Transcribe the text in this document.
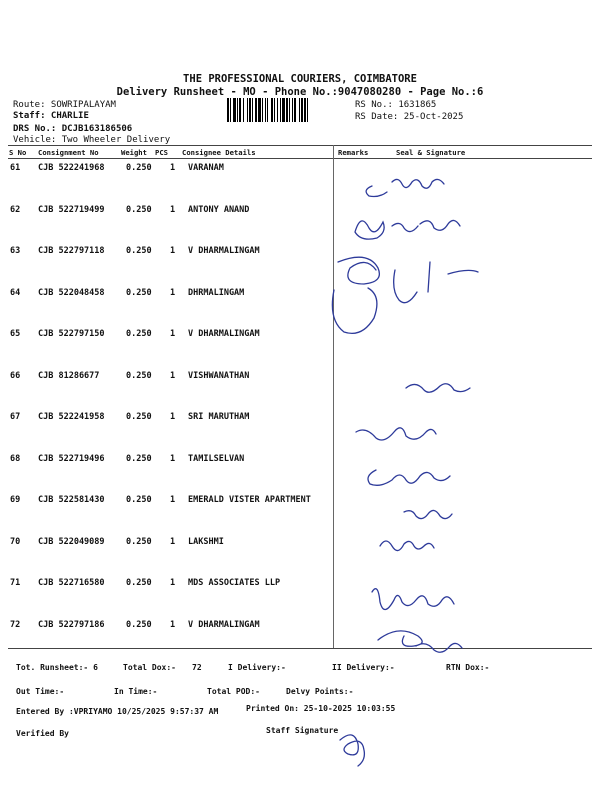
THE PROFESSIONAL COURIERS, COIMBATORE
Delivery Runsheet - MO - Phone No.:9047080280 - Page No.:6
Route: SOWRIPALAYAM
Staff: CHARLIE
DRS No.: DCJB163186506
Vehicle: Two Wheeler Delivery
RS No.: 1631865
RS Date: 25-Oct-2025
S No Consignment No	Weight PCS Consignee Details	Remarks	Seal & Signature
61 CJB 522241968	0.250 1 VARANAM
62 CJB 522719499	0.250 1 ANTONY ANAND
63 CJB 522797118	0.250 1 V DHARMALINGAM
64 CJB 522048458	0.250 1 DHRMALINGAM
65 CJB 522797150	0.250 1 V DHARMALINGAM
66 CJB 81286677	0.250 1 VISHWANATHAN
67 CJB 522241958	0.250 1 SRI MARUTHAM
68 CJB 522719496	0.250 1 TAMILSELVAN
69 CJB 522581430	0.250 1 EMERALD VISTER APARTMENT
70 CJB 522049089	0.250 1 LAKSHMI
71 CJB 522716580	0.250 1 MDS ASSOCIATES LLP
72 CJB 522797186	0.250 1 V DHARMALINGAM
Tot. Runsheet:- 6	Total Dox:- 72	I Delivery:-	II Delivery:-	RTN Dox:-
Out Time:-	In Time:-	Total POD:-	Delvy Points:-
Entered By :VPRIYAMO 10/25/2025 9:57:37 AM	Printed On: 25-10-2025 10:03:55
Verified By	Staff Signature
2528968
9840057795
9994045468
S.
7845418312
2528953
5869443594
N
7845057798
2528910
9842415763
984045795
